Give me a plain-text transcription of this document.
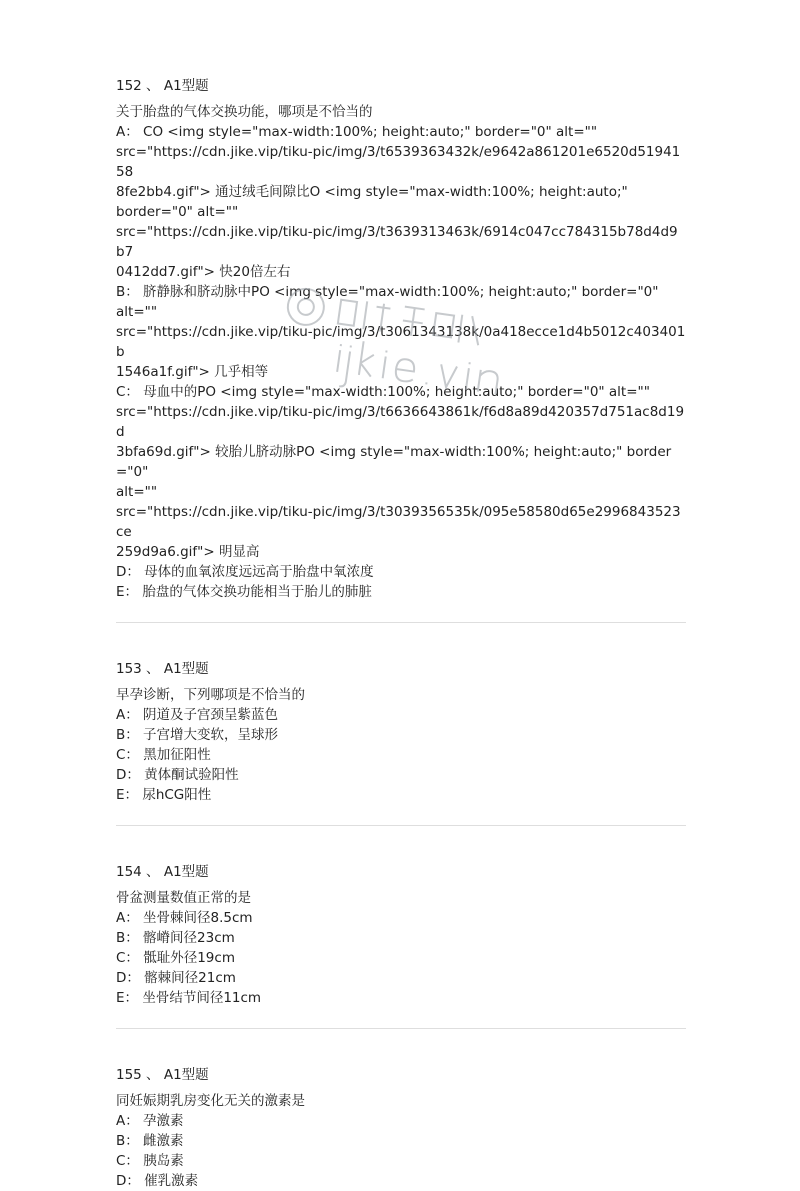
152 、 A1型题

关于胎盘的气体交换功能，哪项是不恰当的

A： CO <img style="max-width:100%; height:auto;" border="0" alt=""

src="https://cdn.jike.vip/tiku-pic/img/3/t6539363432k/e9642a861201e6520d5194158

8fe2bb4.gif"> 通过绒毛间隙比O <img style="max-width:100%; height:auto;"

border="0" alt=""

src="https://cdn.jike.vip/tiku-pic/img/3/t3639313463k/6914c047cc784315b78d4d9b7

0412dd7.gif"> 快20倍左右

B： 脐静脉和脐动脉中PO <img style="max-width:100%; height:auto;" border="0"

alt=""

src="https://cdn.jike.vip/tiku-pic/img/3/t3061343138k/0a418ecce1d4b5012c403401b

1546a1f.gif"> 几乎相等

C： 母血中的PO <img style="max-width:100%; height:auto;" border="0" alt=""

src="https://cdn.jike.vip/tiku-pic/img/3/t6636643861k/f6d8a89d420357d751ac8d19d

3bfa69d.gif"> 较胎儿脐动脉PO <img style="max-width:100%; height:auto;" border="0"

alt=""

src="https://cdn.jike.vip/tiku-pic/img/3/t3039356535k/095e58580d65e2996843523ce

259d9a6.gif"> 明显高

D： 母体的血氧浓度远远高于胎盘中氧浓度

E： 胎盘的气体交换功能相当于胎儿的肺脏

153 、 A1型题

早孕诊断，下列哪项是不恰当的

A： 阴道及子宫颈呈紫蓝色

B： 子宫增大变软，呈球形

C： 黑加征阳性

D： 黄体酮试验阳性

E： 尿hCG阳性

154 、 A1型题

骨盆测量数值正常的是

A： 坐骨棘间径8.5cm

B： 髂嵴间径23cm

C： 骶耻外径19cm

D： 髂棘间径21cm

E： 坐骨结节间径11cm

155 、 A1型题

同妊娠期乳房变化无关的激素是

A： 孕激素

B： 雌激素

C： 胰岛素

D： 催乳激素
